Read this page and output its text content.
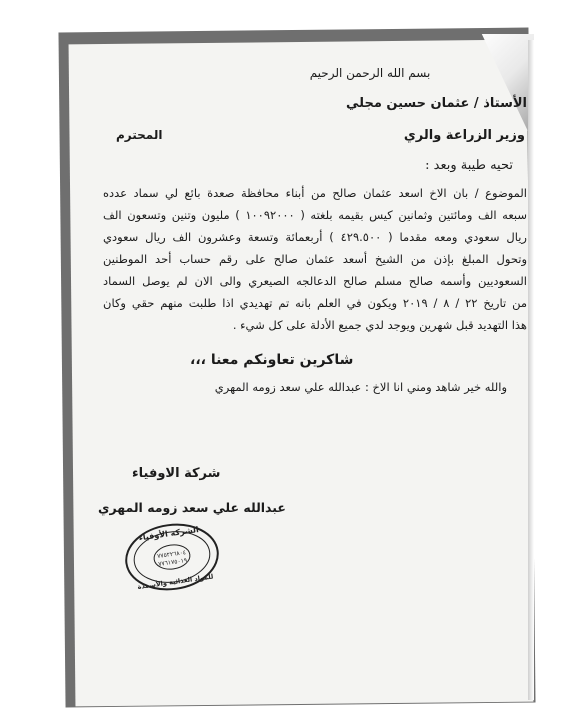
بسم الله الرحمن الرحيم
الأستاذ / عثمان حسين مجلي
وزير الزراعة والري
المحترم
تحيه طيبة وبعد :
الموضوع / بان الاخ اسعد عثمان صالح من أبناء محافظة صعدة بائع لي سماد عدده
سبعه الف ومائتين وثمانين كيس بقيمه بلغته ( ١٠٠٩٢٠٠٠ ) مليون وتنين وتسعون الف
ريال سعودي ومعه مقدما ( ٤٢٩.٥٠٠ ) أربعمائة وتسعة وعشرون الف ريال سعودي
وتحول المبلغ بإذن من الشيخ أسعد عثمان صالح على رقم حساب أحد الموطنين
السعوديين وأسمه صالح مسلم صالح الدعالجه الصيعري والى الان لم يوصل السماد
من تاريخ ٢٢ / ٨ / ٢٠١٩ ويكون في العلم بانه تم تهديدي اذا طلبت منهم حقي وكان
هذا التهديد قبل شهرين ويوجد لدي جميع الأدلة على كل شيء .
شاكرين تعاونكم معنا ،،،
والله خير شاهد ومني انا الاخ : عبدالله علي سعد زومه المهري
شركة الاوفياء
عبدالله علي سعد زومه المهري
الشركة الأوفياء
٧٧٥٢٢٦٨٠٤
٧٧٦١٧٥٠١٩
للمواد الغذائية والأسمدة
